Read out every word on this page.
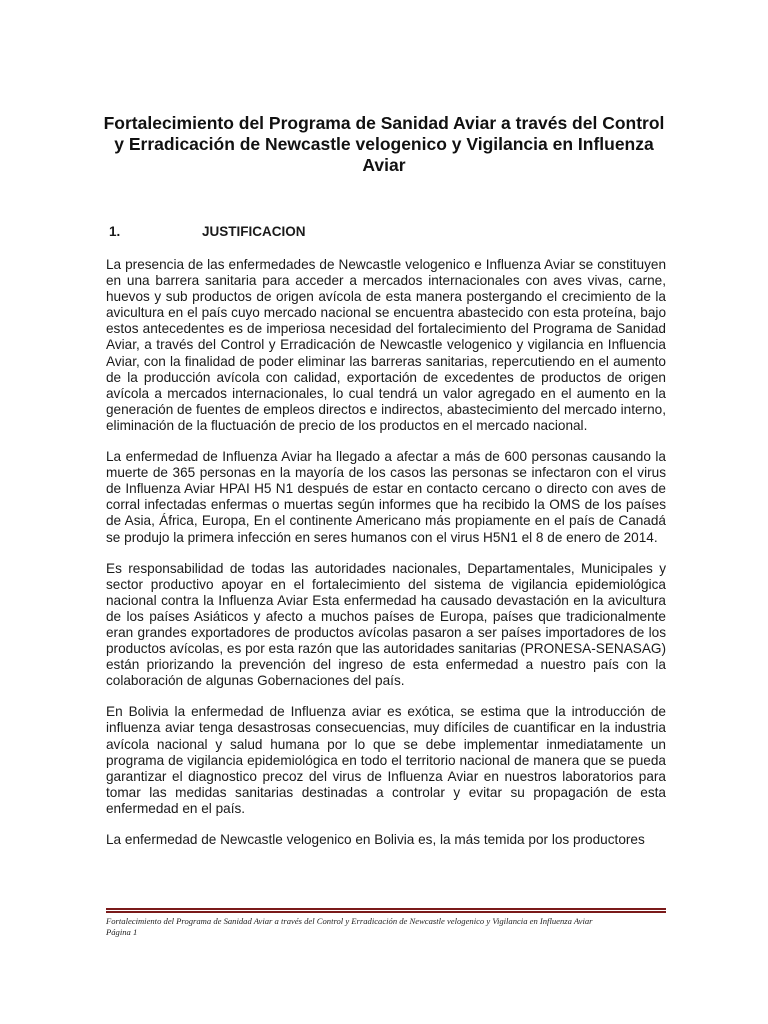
Fortalecimiento del Programa de Sanidad Aviar a través del Control y Erradicación de Newcastle velogenico y Vigilancia en Influenza Aviar
1.	JUSTIFICACION

La presencia de las enfermedades de Newcastle velogenico e Influenza Aviar se constituyen en una barrera sanitaria para acceder a mercados internacionales con aves vivas, carne, huevos y sub productos de origen avícola de esta manera postergando el crecimiento de la avicultura en el país cuyo mercado nacional se encuentra abastecido con esta proteína, bajo estos antecedentes es de imperiosa necesidad del fortalecimiento del Programa de Sanidad Aviar, a través del Control y Erradicación de Newcastle velogenico y vigilancia en Influencia Aviar, con la finalidad de poder eliminar las barreras sanitarias, repercutiendo en el aumento de la producción avícola con calidad, exportación de excedentes de productos de origen avícola a mercados internacionales, lo cual tendrá un valor agregado en el aumento en la generación de fuentes de empleos directos e indirectos, abastecimiento del mercado interno, eliminación de la fluctuación de precio de los productos en el mercado nacional.

La enfermedad de Influenza Aviar ha llegado a afectar a más de 600 personas causando la muerte de 365 personas en la mayoría de los casos las personas se infectaron con el virus de Influenza Aviar HPAI H5 N1 después de estar en contacto cercano o directo con aves de corral infectadas enfermas o muertas según informes que ha recibido la OMS de los países de Asia, África, Europa, En el continente Americano más propiamente en el país de Canadá se produjo la primera infección en seres humanos con el virus H5N1 el 8 de enero de 2014.

Es responsabilidad de todas las autoridades nacionales, Departamentales, Municipales y sector productivo apoyar en el fortalecimiento del sistema de vigilancia epidemiológica nacional contra la Influenza Aviar Esta enfermedad ha causado devastación en la avicultura de los países Asiáticos y afecto a muchos países de Europa, países que tradicionalmente eran grandes exportadores de productos avícolas pasaron a ser países importadores de los productos avícolas, es por esta razón que las autoridades sanitarias (PRONESA-SENASAG) están priorizando la prevención del ingreso de esta enfermedad a nuestro país con la colaboración de algunas Gobernaciones del país.

En Bolivia la enfermedad de Influenza aviar es exótica, se estima que la introducción de influenza aviar tenga desastrosas consecuencias, muy difíciles de cuantificar en la industria avícola nacional y salud humana por lo que se debe implementar inmediatamente un programa de vigilancia epidemiológica en todo el territorio nacional de manera que se pueda garantizar el diagnostico precoz del virus de Influenza Aviar en nuestros laboratorios para tomar las medidas sanitarias destinadas a controlar y evitar su propagación de esta enfermedad en el país.

La enfermedad de Newcastle velogenico en Bolivia es, la más temida por los productores

Fortalecimiento del Programa de Sanidad Aviar a través del Control y Erradicación de Newcastle velogenico y Vigilancia en Influenza Aviar
Página 1
